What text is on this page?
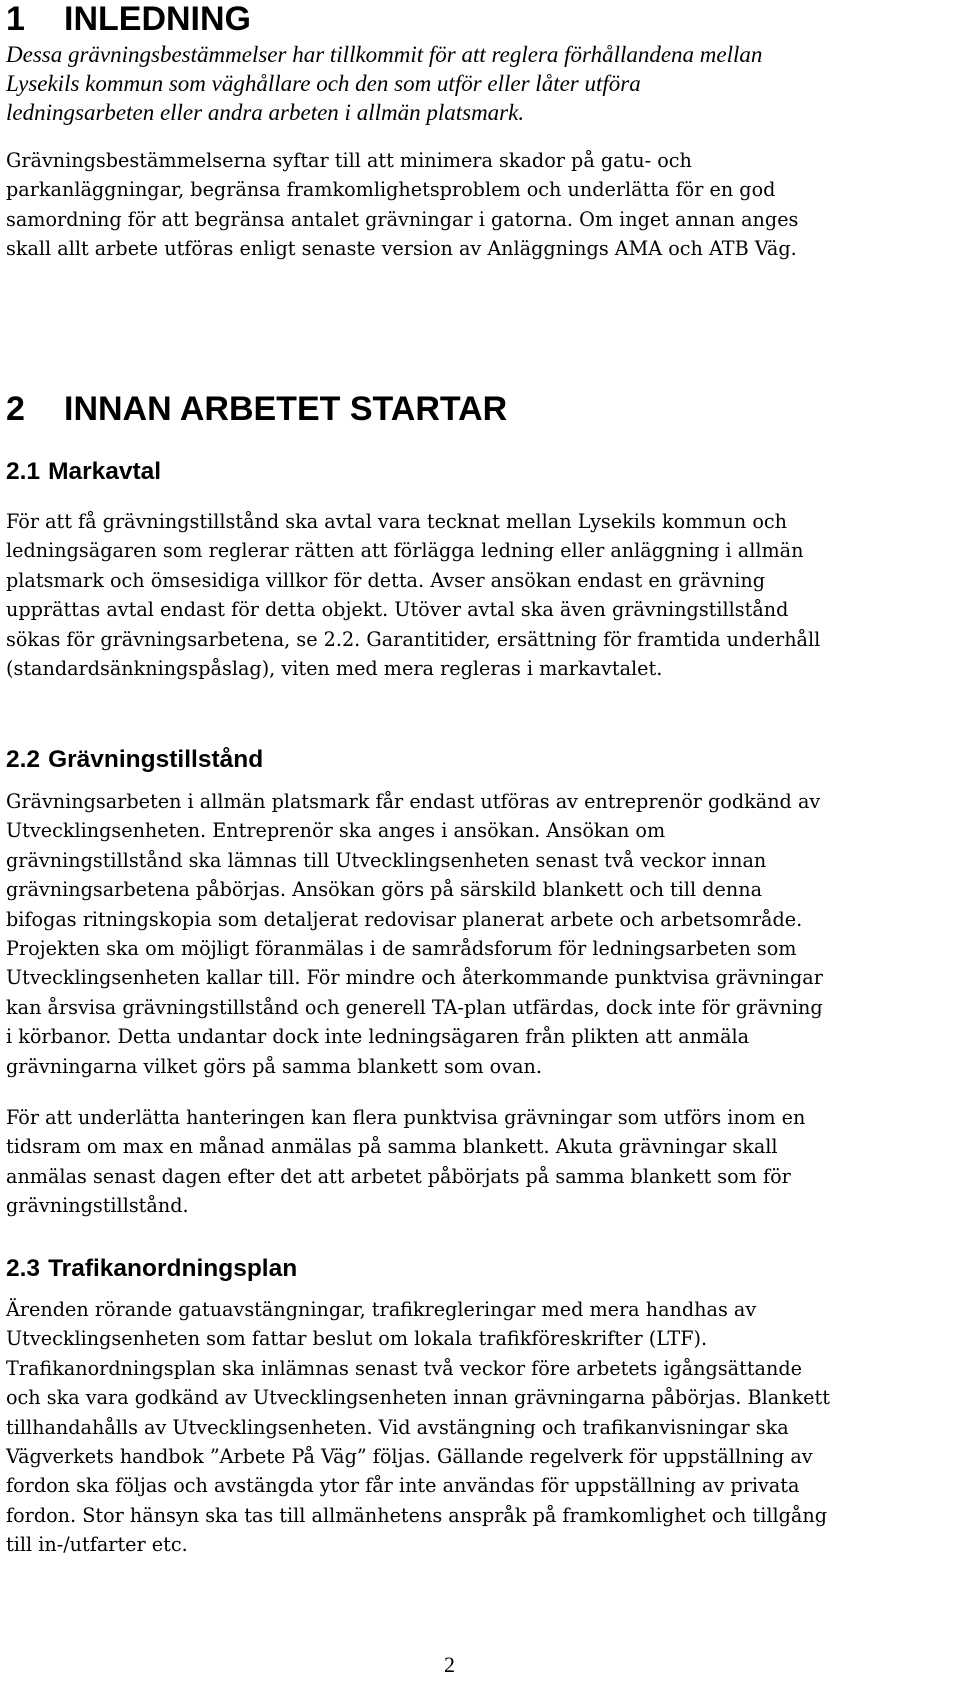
1 INLEDNING

Dessa grävningsbestämmelser har tillkommit för att reglera förhållandena mellan
Lysekils kommun som väghållare och den som utför eller låter utföra
ledningsarbeten eller andra arbeten i allmän platsmark.

Grävningsbestämmelserna syftar till att minimera skador på gatu- och
parkanläggningar, begränsa framkomlighetsproblem och underlätta för en god
samordning för att begränsa antalet grävningar i gatorna. Om inget annan anges
skall allt arbete utföras enligt senaste version av Anläggnings AMA och ATB Väg.

2 INNAN ARBETET STARTAR
2.1 Markavtal

För att få grävningstillstånd ska avtal vara tecknat mellan Lysekils kommun och
ledningsägaren som reglerar rätten att förlägga ledning eller anläggning i allmän
platsmark och ömsesidiga villkor för detta. Avser ansökan endast en grävning
upprättas avtal endast för detta objekt. Utöver avtal ska även grävningstillstånd
sökas för grävningsarbetena, se 2.2. Garantitider, ersättning för framtida underhåll
(standardsänkningspåslag), viten med mera regleras i markavtalet.

2.2 Grävningstillstånd

Grävningsarbeten i allmän platsmark får endast utföras av entreprenör godkänd av
Utvecklingsenheten. Entreprenör ska anges i ansökan. Ansökan om
grävningstillstånd ska lämnas till Utvecklingsenheten senast två veckor innan
grävningsarbetena påbörjas. Ansökan görs på särskild blankett och till denna
bifogas ritningskopia som detaljerat redovisar planerat arbete och arbetsområde.
Projekten ska om möjligt föranmälas i de samrådsforum för ledningsarbeten som
Utvecklingsenheten kallar till. För mindre och återkommande punktvisa grävningar
kan årsvisa grävningstillstånd och generell TA-plan utfärdas, dock inte för grävning
i körbanor. Detta undantar dock inte ledningsägaren från plikten att anmäla
grävningarna vilket görs på samma blankett som ovan.

För att underlätta hanteringen kan flera punktvisa grävningar som utförs inom en
tidsram om max en månad anmälas på samma blankett. Akuta grävningar skall
anmälas senast dagen efter det att arbetet påbörjats på samma blankett som för
grävningstillstånd.

2.3 Trafikanordningsplan

Ärenden rörande gatuavstängningar, trafikregleringar med mera handhas av
Utvecklingsenheten som fattar beslut om lokala trafikföreskrifter (LTF).
Trafikanordningsplan ska inlämnas senast två veckor före arbetets igångsättande
och ska vara godkänd av Utvecklingsenheten innan grävningarna påbörjas. Blankett
tillhandahålls av Utvecklingsenheten. Vid avstängning och trafikanvisningar ska
Vägverkets handbok ”Arbete På Väg” följas. Gällande regelverk för uppställning av
fordon ska följas och avstängda ytor får inte användas för uppställning av privata
fordon. Stor hänsyn ska tas till allmänhetens anspråk på framkomlighet och tillgång
till in-/utfarter etc.

2
